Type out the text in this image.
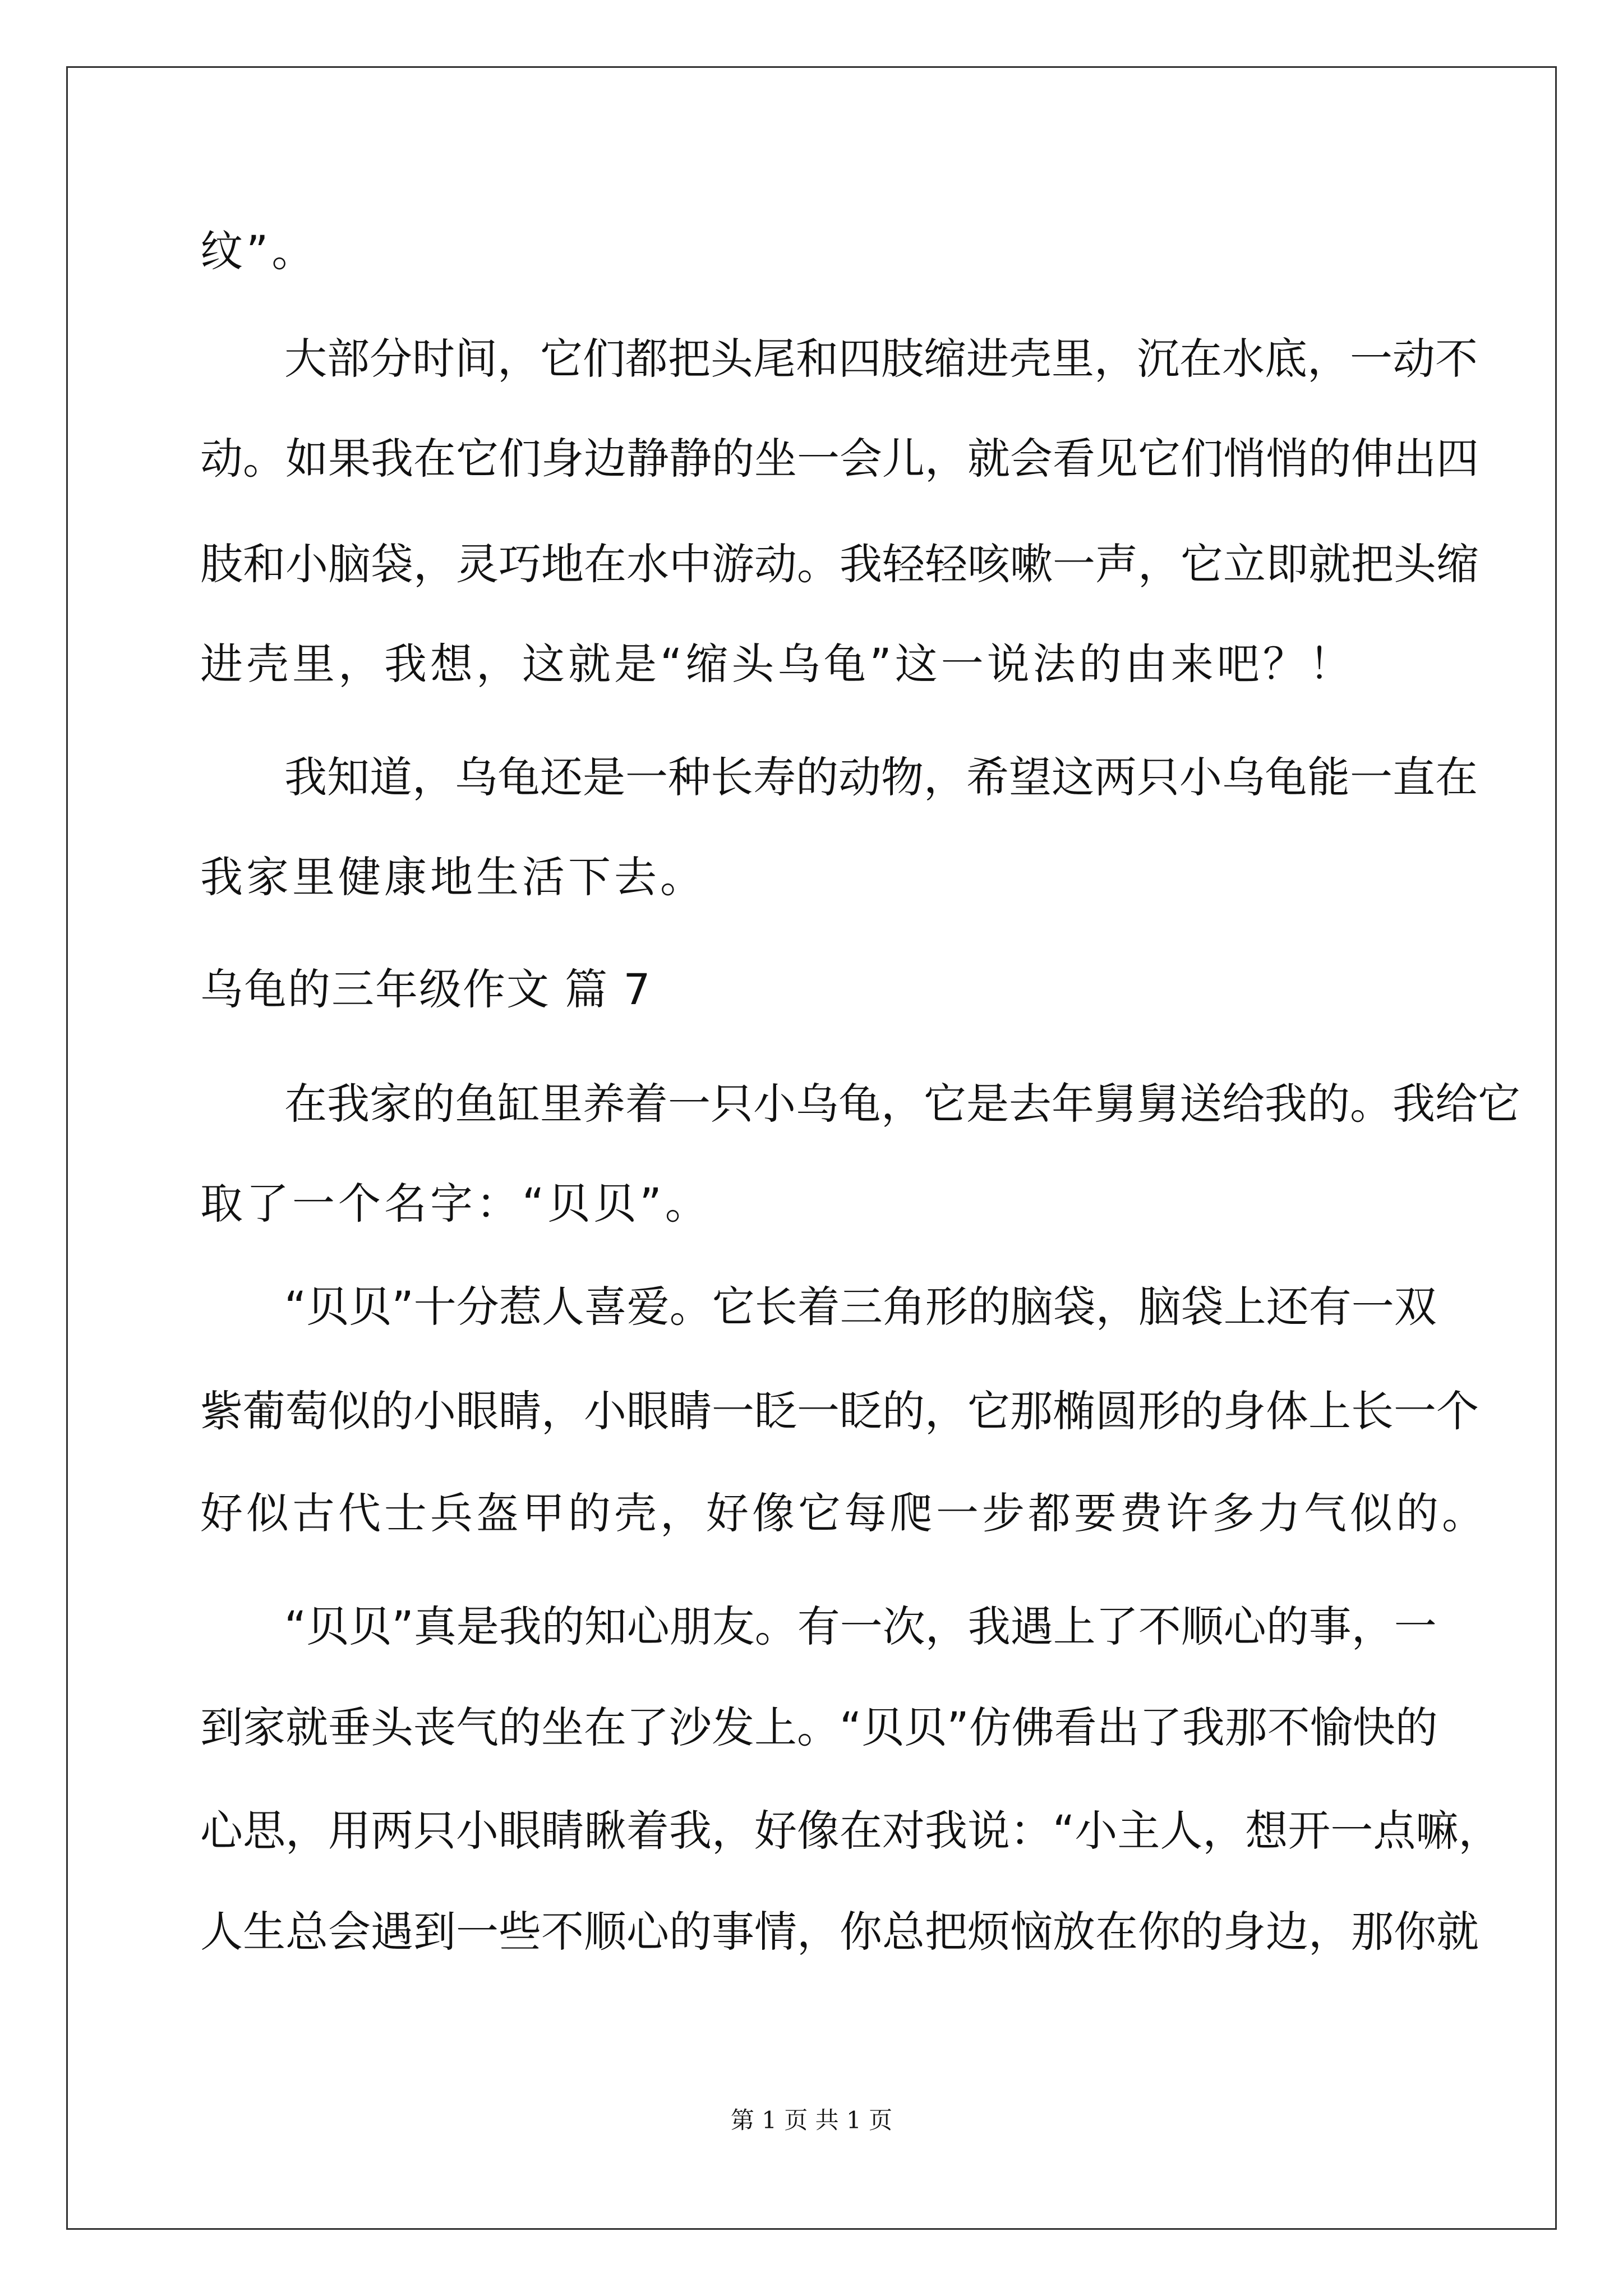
纹”。
大部分时间，它们都把头尾和四肢缩进壳里，沉在水底，一动不
动。如果我在它们身边静静的坐一会儿，就会看见它们悄悄的伸出四
肢和小脑袋，灵巧地在水中游动。我轻轻咳嗽一声，它立即就把头缩
进壳里，我想，这就是“缩头乌龟”这一说法的由来吧？！
我知道，乌龟还是一种长寿的动物，希望这两只小乌龟能一直在
我家里健康地生活下去。
乌龟的三年级作文 篇 7
在我家的鱼缸里养着一只小乌龟，它是去年舅舅送给我的。我给它
取了一个名字：“贝贝”。
“贝贝”十分惹人喜爱。它长着三角形的脑袋，脑袋上还有一双
紫葡萄似的小眼睛，小眼睛一眨一眨的，它那椭圆形的身体上长一个
好似古代士兵盔甲的壳，好像它每爬一步都要费许多力气似的。
“贝贝”真是我的知心朋友。有一次，我遇上了不顺心的事，一
到家就垂头丧气的坐在了沙发上。“贝贝”仿佛看出了我那不愉快的
心思，用两只小眼睛瞅着我，好像在对我说：“小主人，想开一点嘛，
人生总会遇到一些不顺心的事情，你总把烦恼放在你的身边，那你就
第 1 页 共 1 页
